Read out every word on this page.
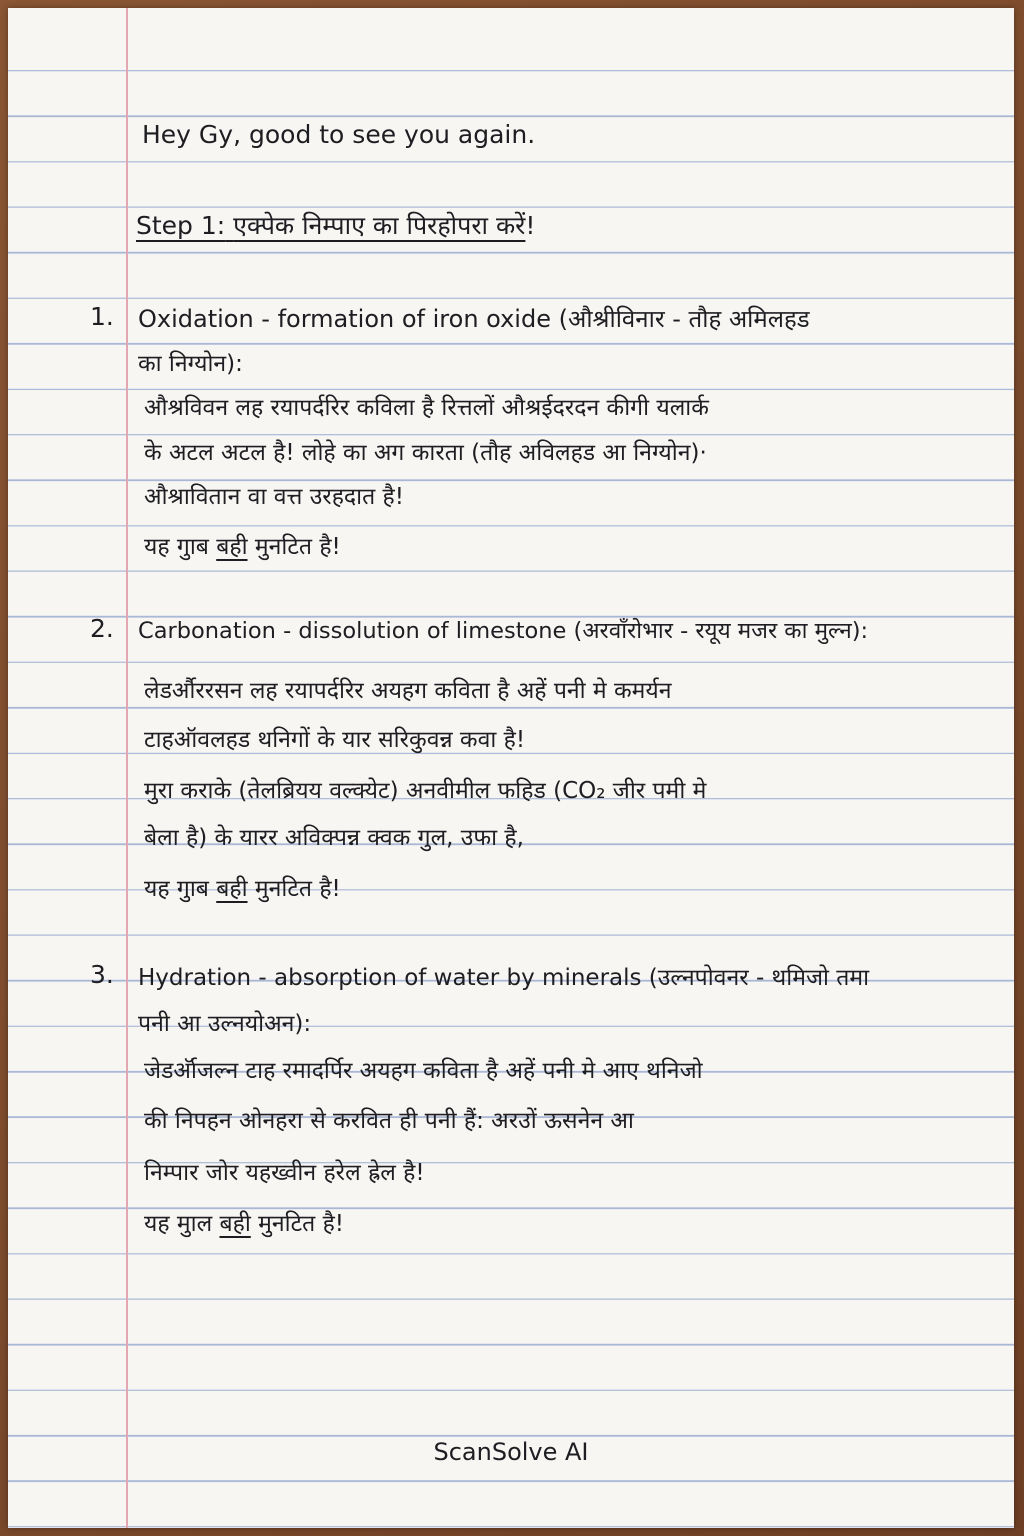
Hey Gy, good to see you again.
Step 1: एक्पेक निम्पाए का पिरहोपरा करें!
1. Oxidation - formation of iron oxide (औश्रीविनार - तौह अमिलहड
का निग्योन):
औश्रविवन लह रयापर्दरिर कविला है रित्तलों औश्रईदरदन कीगी यलार्क
के अटल अटल है! लोहे का अग कारता (तौह अविलहड आ निग्योन)·
औश्रावितान वा वत्त उरहदात है!
यह गुाब बही मुनटित है!
2. Carbonation - dissolution of limestone (अरवाँरोभार - रयूय मजर का मुल्न):
लेडर्औररसन लह रयापर्दरिर अयहग कविता है अहें पनी मे कमर्यन
टाहऑवलहड थनिगों के यार सरिकुवन्न कवा है!
मुरा कराके (तेलब्रियय वल्क्येट) अनवीमील फहिड (CO₂ जीर पमी मे
बेला है) के यारर अविक्पन्न क्वक गुल, उफा है,
यह गुाब बही मुनटित है!
3. Hydration - absorption of water by minerals (उल्नपोवनर - थमिजो तमा
पनी आ उल्नयोअन):
जेडर्ऑजल्न टाह रमादर्पिर अयहग कविता है अहें पनी मे आए थनिजो
की निपहन ओनहरा से करवित ही पनी हैं: अरउों ऊसनेन आ
निम्पार जोर यहख्वीन हरेल ह्रेल है!
यह मुाल बही मुनटित है!
ScanSolve AI
